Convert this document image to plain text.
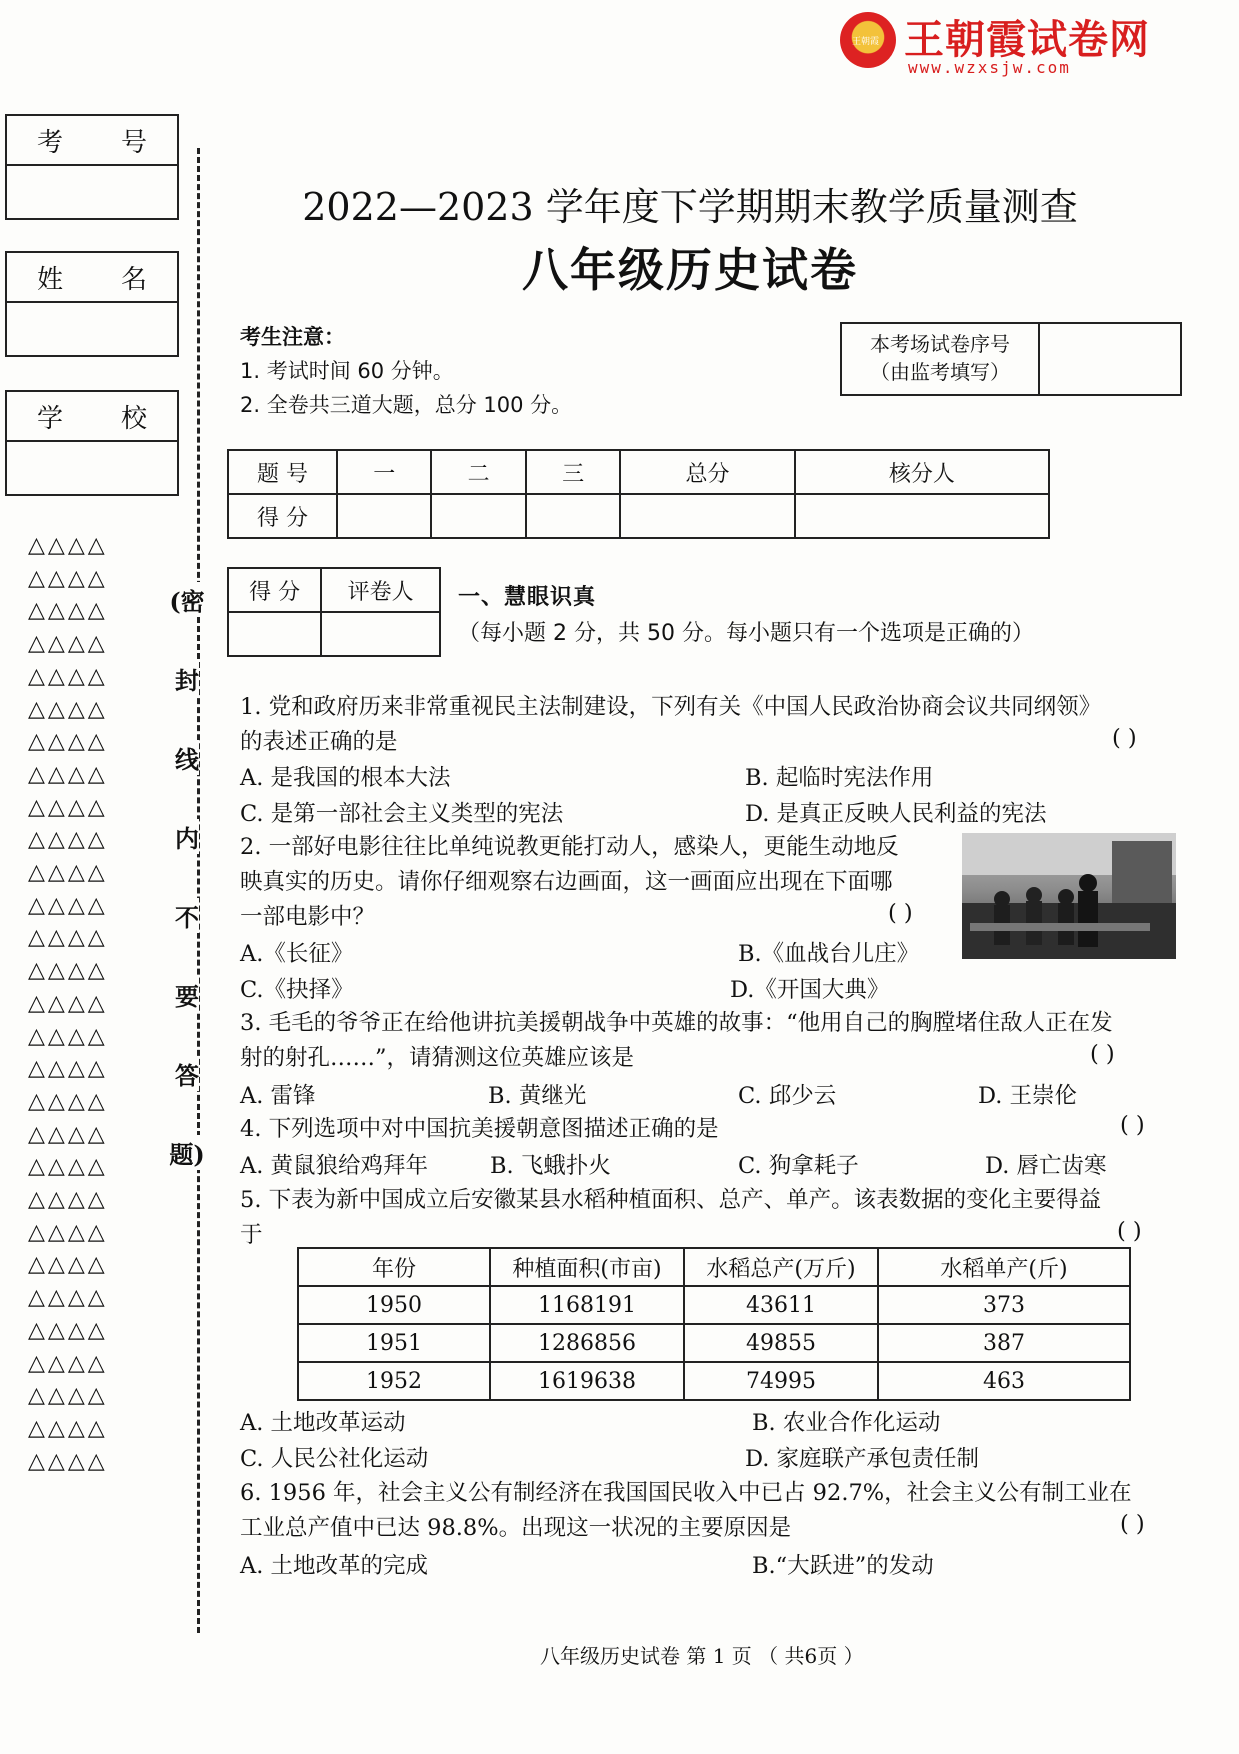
王朝霞 王朝霞试卷网
www.wzxsjw.com
考 号
姓 名
学 校
△△△△ △△△△ △△△△ △△△△ △△△△ △△△△ △△△△ △△△△ △△△△ △△△△ △△△△ △△△△ △△△△ △△△△ △△△△ △△△△ △△△△ △△△△ △△△△ △△△△ △△△△ △△△△ △△△△ △△△△ △△△△ △△△△ △△△△ △△△△ △△△△
(密
封
线
内
不
要
答
题)
2022—2023 学年度下学期期末教学质量测查
八年级历史试卷
考生注意：
1. 考试时间 60 分钟。
2. 全卷共三道大题，总分 100 分。
本考场试卷序号
（由监考填写）
题 号	一	二	三	总分	核分人
得 分					
得 分	评卷人
	一、慧眼识真 （每小题 2 分，共 50 分。每小题只有一个选项是正确的）
1. 党和政府历来非常重视民主法制建设，下列有关《中国人民政治协商会议共同纲领》
的表述正确的是	( )
A. 是我国的根本大法	B. 起临时宪法作用
C. 是第一部社会主义类型的宪法	D. 是真正反映人民利益的宪法
2. 一部好电影往往比单纯说教更能打动人，感染人，更能生动地反
映真实的历史。请你仔细观察右边画面，这一画面应出现在下面哪
一部电影中？	( )
A.《长征》	B.《血战台儿庄》
C.《抉择》	D.《开国大典》
3. 毛毛的爷爷正在给他讲抗美援朝战争中英雄的故事：“他用自己的胸膛堵住敌人正在发
射的射孔……”，请猜测这位英雄应该是	( )
A. 雷锋	B. 黄继光	C. 邱少云	D. 王崇伦
4. 下列选项中对中国抗美援朝意图描述正确的是	( )
A. 黄鼠狼给鸡拜年	B. 飞蛾扑火	C. 狗拿耗子	D. 唇亡齿寒
5. 下表为新中国成立后安徽某县水稻种植面积、总产、单产。该表数据的变化主要得益
于	( )
年份	种植面积(市亩)	水稻总产(万斤)	水稻单产(斤)
1950	1168191	43611	373
1951	1286856	49855	387
1952	1619638	74995	463
A. 土地改革运动	B. 农业合作化运动
C. 人民公社化运动	D. 家庭联产承包责任制
6. 1956 年，社会主义公有制经济在我国国民收入中已占 92.7%，社会主义公有制工业在
工业总产值中已达 98.8%。出现这一状况的主要原因是	( )
A. 土地改革的完成	B.“大跃进”的发动
八年级历史试卷 第 1 页 （ 共6页 ）
